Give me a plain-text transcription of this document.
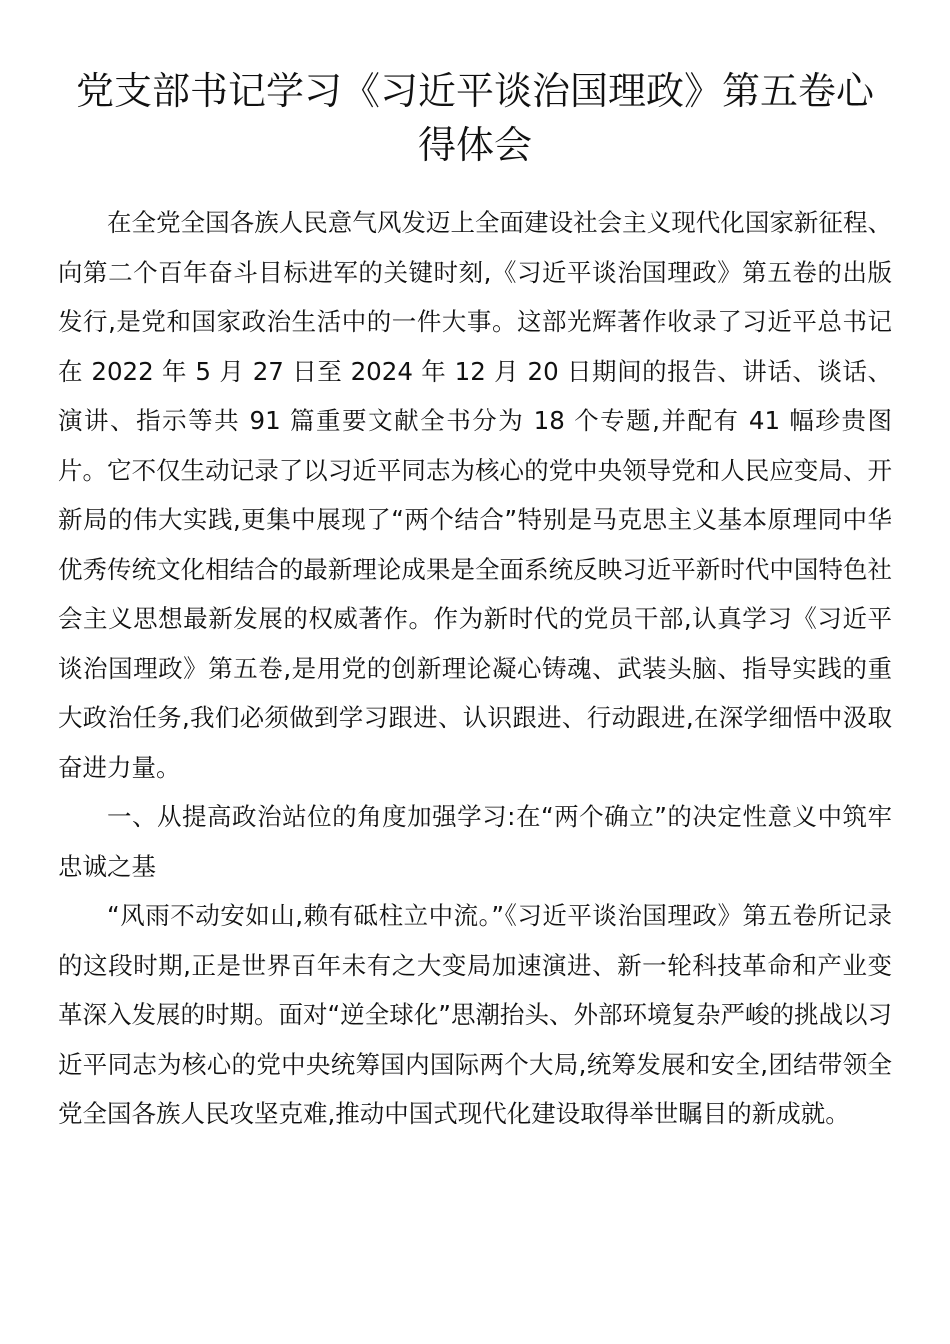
党支部书记学习《习近平谈治国理政》第五卷心得体会

在全党全国各族人民意气风发迈上全面建设社会主义现代化国家新征程、向第二个百年奋斗目标进军的关键时刻,《习近平谈治国理政》第五卷的出版发行,是党和国家政治生活中的一件大事。这部光辉著作收录了习近平总书记在 2022 年 5 月 27 日至 2024 年 12 月 20 日期间的报告、讲话、谈话、演讲、指示等共 91 篇重要文献全书分为 18 个专题,并配有 41 幅珍贵图片。它不仅生动记录了以习近平同志为核心的党中央领导党和人民应变局、开新局的伟大实践,更集中展现了“两个结合”特别是马克思主义基本原理同中华优秀传统文化相结合的最新理论成果是全面系统反映习近平新时代中国特色社会主义思想最新发展的权威著作。作为新时代的党员干部,认真学习《习近平谈治国理政》第五卷,是用党的创新理论凝心铸魂、武装头脑、指导实践的重大政治任务,我们必须做到学习跟进、认识跟进、行动跟进,在深学细悟中汲取奋进力量。

一、从提高政治站位的角度加强学习:在“两个确立”的决定性意义中筑牢忠诚之基

“风雨不动安如山,赖有砥柱立中流。”《习近平谈治国理政》第五卷所记录的这段时期,正是世界百年未有之大变局加速演进、新一轮科技革命和产业变革深入发展的时期。面对“逆全球化”思潮抬头、外部环境复杂严峻的挑战以习近平同志为核心的党中央统筹国内国际两个大局,统筹发展和安全,团结带领全党全国各族人民攻坚克难,推动中国式现代化建设取得举世瞩目的新成就。
